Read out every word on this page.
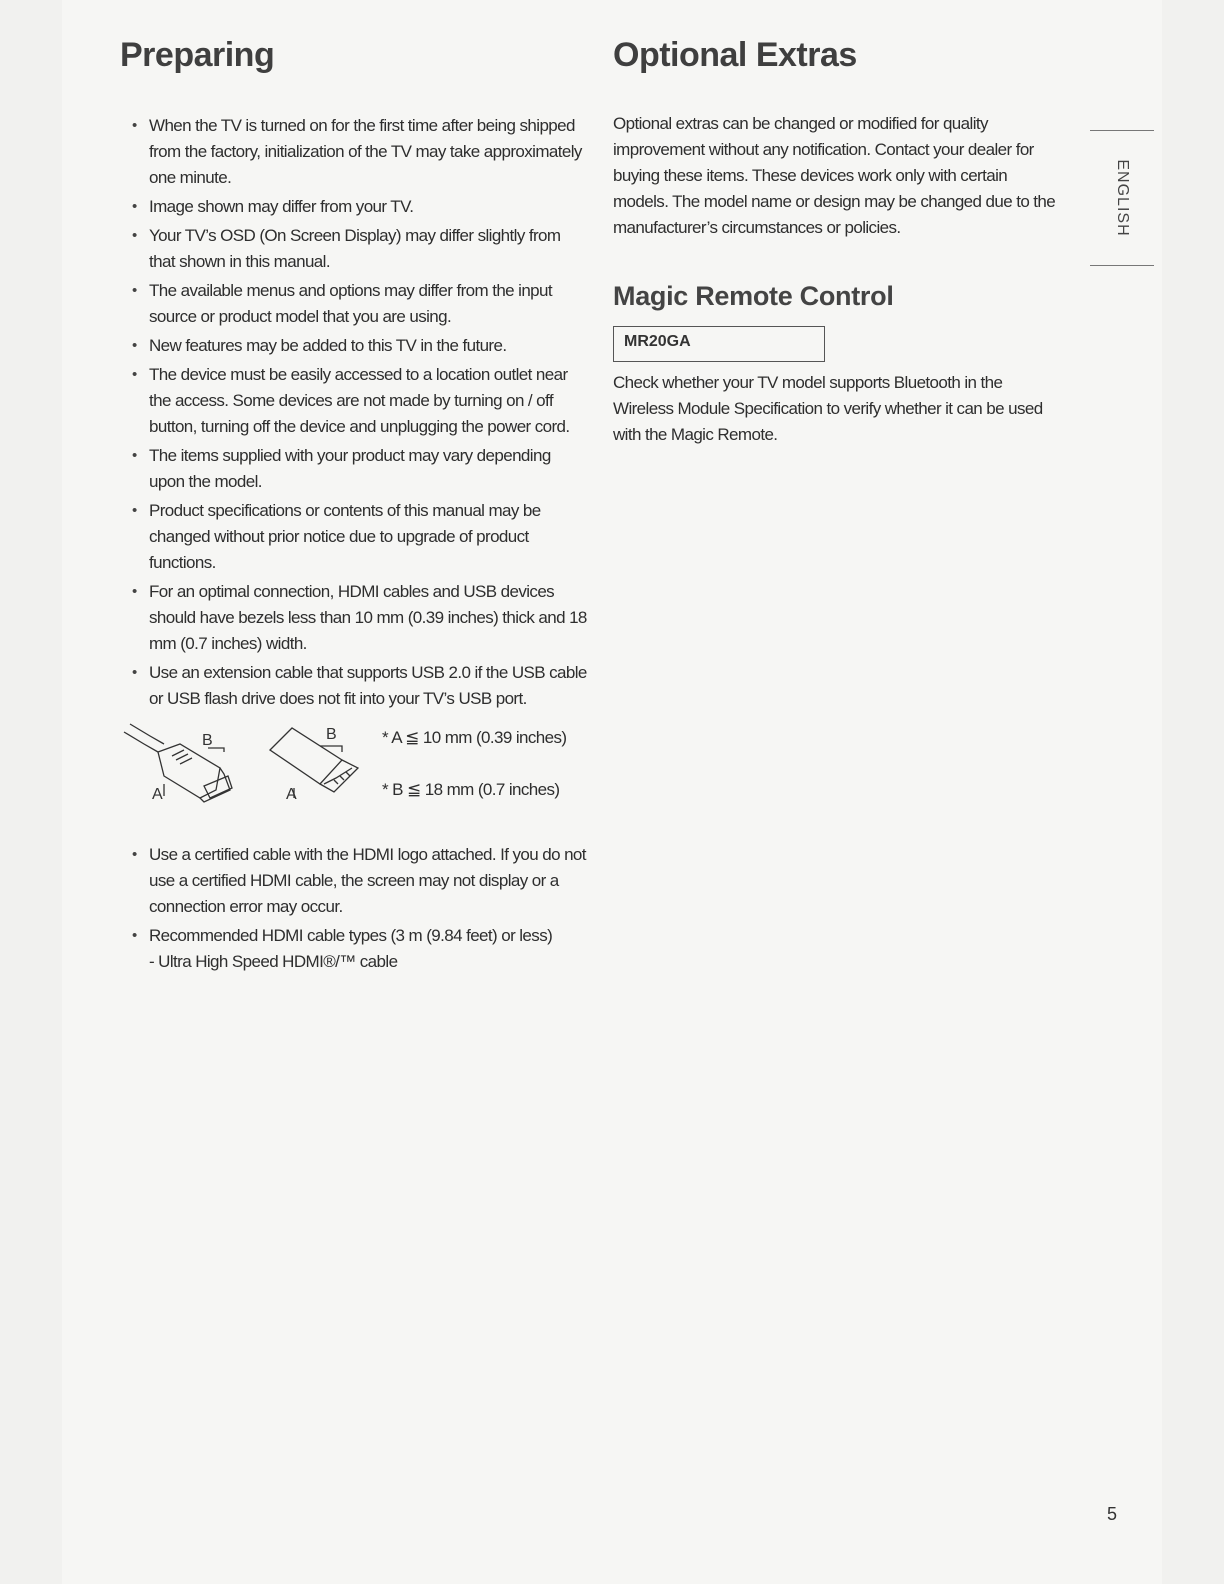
Preparing
• When the TV is turned on for the first time after being shipped from the factory, initialization of the TV may take approximately one minute.
• Image shown may differ from your TV.
• Your TV’s OSD (On Screen Display) may differ slightly from that shown in this manual.
• The available menus and options may differ from the input source or product model that you are using.
• New features may be added to this TV in the future.
• The device must be easily accessed to a location outlet near the access. Some devices are not made by turning on / off button, turning off the device and unplugging the power cord.
• The items supplied with your product may vary depending upon the model.
• Product specifications or contents of this manual may be changed without prior notice due to upgrade of product functions.
• For an optimal connection, HDMI cables and USB devices should have bezels less than 10 mm (0.39 inches) thick and 18 mm (0.7 inches) width.
• Use an extension cable that supports USB 2.0 if the USB cable or USB flash drive does not fit into your TV’s USB port.
A
B
A
B	* A ≦ 10 mm (0.39 inches)
* B ≦ 18 mm (0.7 inches)
• Use a certified cable with the HDMI logo attached. If you do not use a certified HDMI cable, the screen may not display or a connection error may occur.
• Recommended HDMI cable types (3 m (9.84 feet) or less)
- Ultra High Speed HDMI®/™ cable
Optional Extras

Optional extras can be changed or modified for quality improvement without any notification. Contact your dealer for buying these items. These devices work only with certain models. The model name or design may be changed due to the manufacturer’s circumstances or policies.

Magic Remote Control
MR20GA

Check whether your TV model supports Bluetooth in the Wireless Module Specification to verify whether it can be used with the Magic Remote.

ENGLISH
5
